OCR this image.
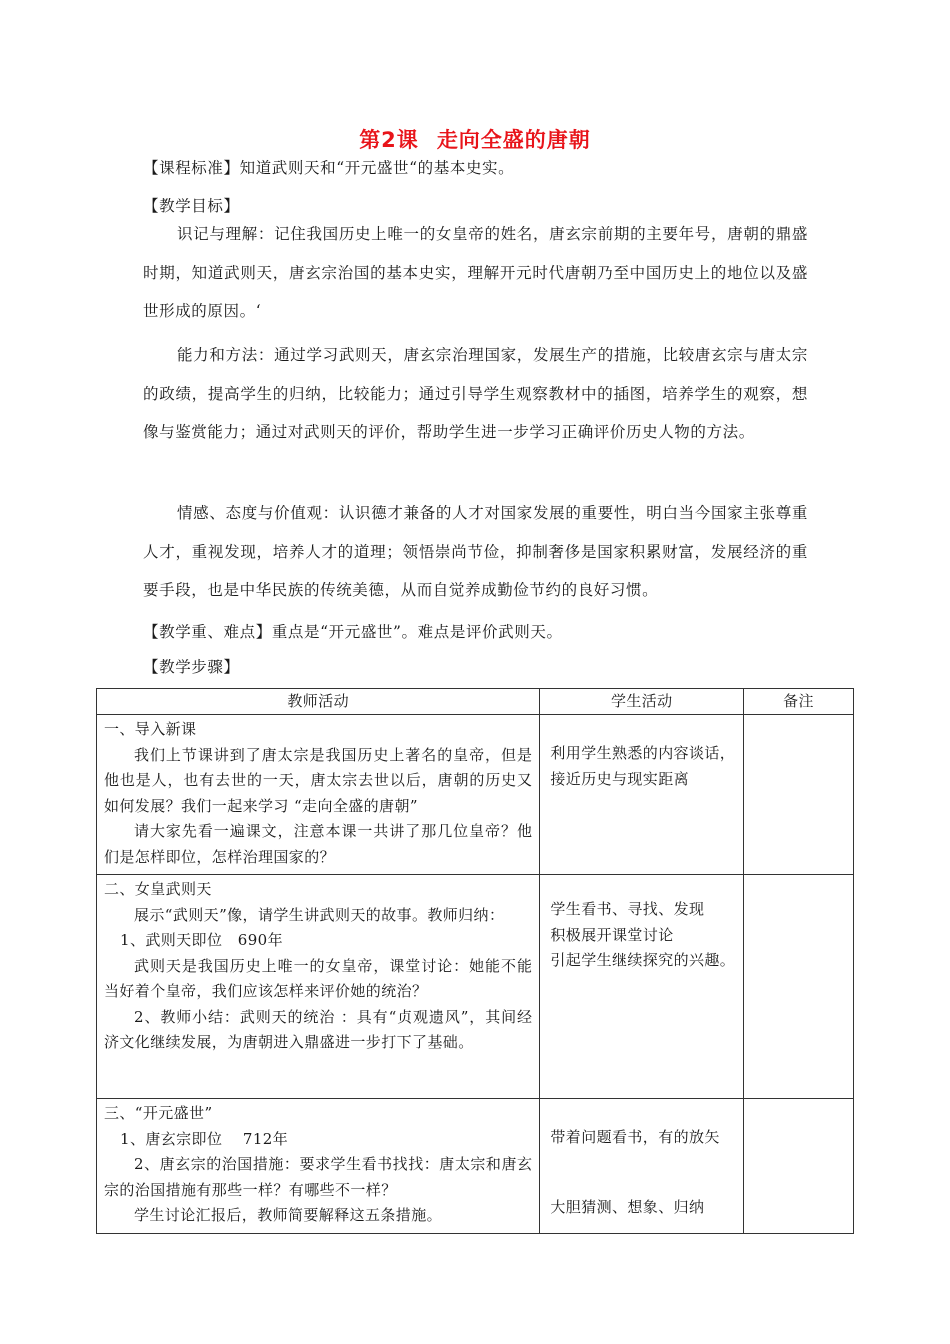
第2课 走向全盛的唐朝
【课程标准】知道武则天和“开元盛世“的基本史实。
【教学目标】
识记与理解：记住我国历史上唯一的女皇帝的姓名，唐玄宗前期的主要年号，唐朝的鼎盛时期，知道武则天，唐玄宗治国的基本史实，理解开元时代唐朝乃至中国历史上的地位以及盛世形成的原因。‘
能力和方法：通过学习武则天，唐玄宗治理国家，发展生产的措施，比较唐玄宗与唐太宗的政绩，提高学生的归纳，比较能力；通过引导学生观察教材中的插图，培养学生的观察，想像与鉴赏能力；通过对武则天的评价，帮助学生进一步学习正确评价历史人物的方法。
情感、态度与价值观：认识德才兼备的人才对国家发展的重要性，明白当今国家主张尊重人才，重视发现，培养人才的道理；领悟崇尚节俭，抑制奢侈是国家积累财富，发展经济的重要手段，也是中华民族的传统美德，从而自觉养成勤俭节约的良好习惯。
【教学重、难点】重点是“开元盛世”。难点是评价武则天。
【教学步骤】
教师活动	学生活动	备注

一、导入新课
我们上节课讲到了唐太宗是我国历史上著名的皇帝，但是他也是人，也有去世的一天，唐太宗去世以后，唐朝的历史又如何发展？我们一起来学习 “走向全盛的唐朝”
请大家先看一遍课文，注意本课一共讲了那几位皇帝？他们是怎样即位，怎样治理国家的？	利用学生熟悉的内容谈话，接近历史与现实距离	

二、女皇武则天
展示“武则天”像，请学生讲武则天的故事。教师归纳：
1、武则天即位　690年
武则天是我国历史上唯一的女皇帝，课堂讨论：她能不能当好着个皇帝，我们应该怎样来评价她的统治？
2、教师小结：武则天的统治 ：具有“贞观遗风”，其间经济文化继续发展，为唐朝进入鼎盛进一步打下了基础。	学生看书、寻找、发现
积极展开课堂讨论
引起学生继续探究的兴趣。	

三、“开元盛世”
1、唐玄宗即位　 712年
2、唐玄宗的治国措施：要求学生看书找找：唐太宗和唐玄宗的治国措施有那些一样？有哪些不一样？
学生讨论汇报后，教师简要解释这五条措施。	带着问题看书，有的放矢
大胆猜测、想象、归纳	
